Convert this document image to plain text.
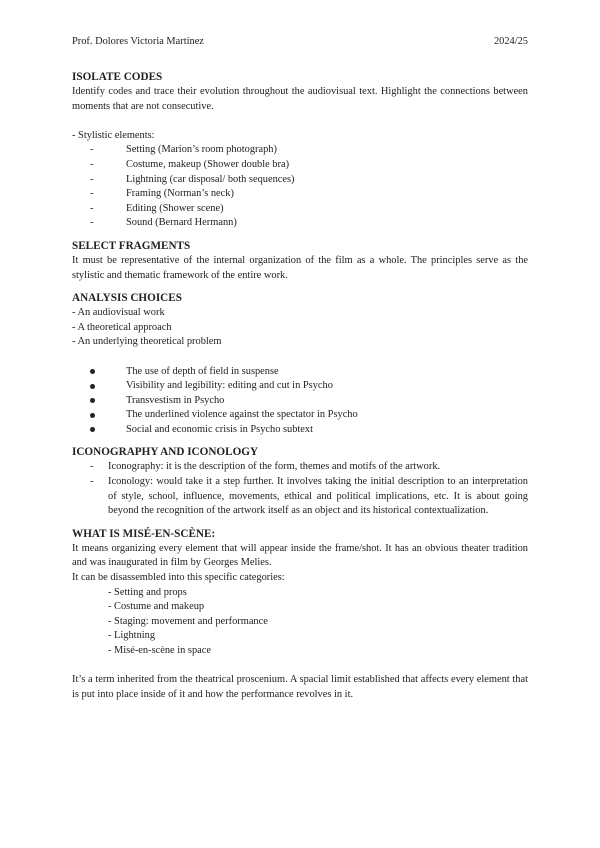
Prof. Dolores Victoria Martínez	2024/25

ISOLATE CODES

Identify codes and trace their evolution throughout the audiovisual text. Highlight the connections between moments that are not consecutive.

- Stylistic elements:

-	Setting (Marion’s room photograph)
-	Costume, makeup (Shower double bra)
-	Lightning (car disposal/ both sequences)
-	Framing (Norman’s neck)
-	Editing (Shower scene)
-	Sound (Bernard Hermann)

SELECT FRAGMENTS

It must be representative of the internal organization of the film as a whole. The principles serve as the stylistic and thematic framework of the entire work.

ANALYSIS CHOICES

- An audiovisual work

- A theoretical approach

- An underlying theoretical problem

The use of depth of field in suspense
Visibility and legibility: editing and cut in Psycho
Transvestism in Psycho
The underlined violence against the spectator in Psycho
Social and economic crisis in Psycho subtext

ICONOGRAPHY AND ICONOLOGY

- Iconography: it is the description of the form, themes and motifs of the artwork.
- Iconology: would take it a step further. It involves taking the initial description to an interpretation of style, school, influence, movements, ethical and political implications, etc. It is about going beyond the recognition of the artwork itself as an object and its historical contextualization.

WHAT IS MISÉ-EN-SCÈNE:

It means organizing every element that will appear inside the frame/shot. It has an obvious theater tradition and was inaugurated in film by Georges Melies.

It can be disassembled into this specific categories:

- Setting and props

- Costume and makeup

- Staging: movement and performance

- Lightning

- Misé-en-scène in space

It’s a term inherited from the theatrical proscenium. A spacial limit established that affects every element that is put into place inside of it and how the performance revolves in it.
